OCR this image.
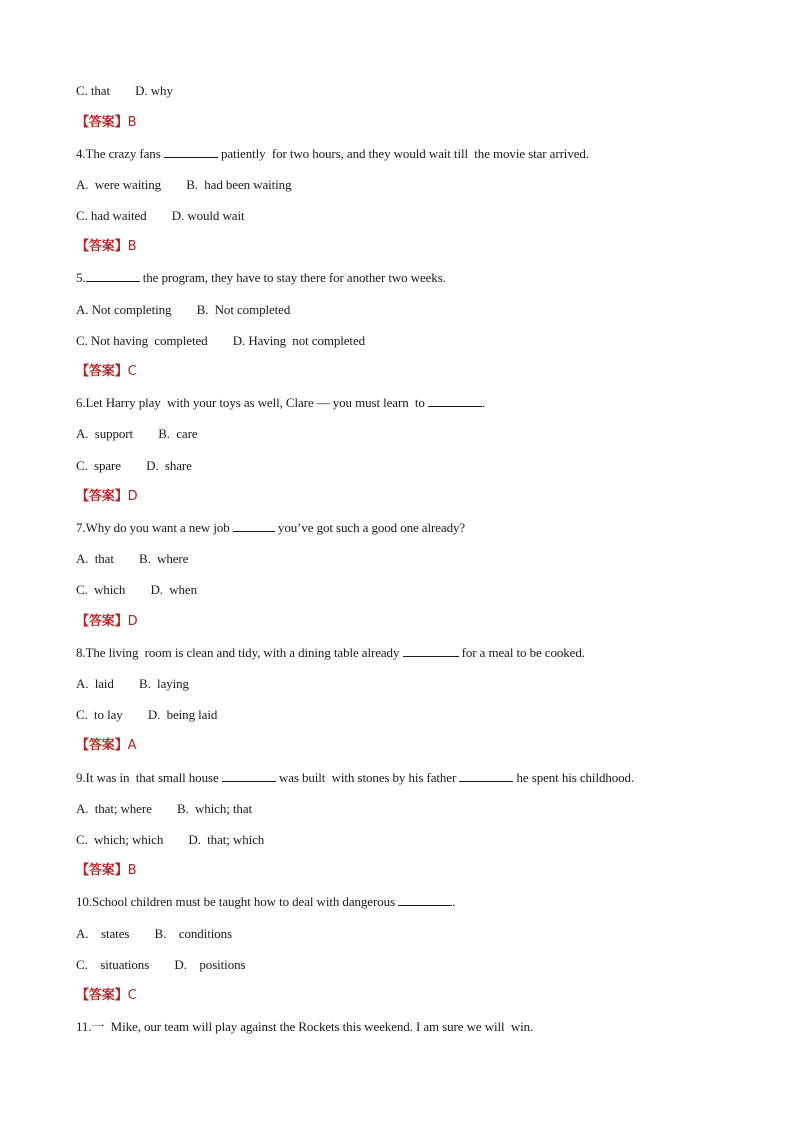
C. that        D. why
【答案】B
4.The crazy fans	patiently  for two hours, and they would wait till  the movie star arrived.
A.  were waiting        B.  had been waiting
C. had waited        D. would wait
【答案】B
5.	the program, they have to stay there for another two weeks.
A. Not completing        B.  Not completed
C. Not having  completed        D. Having  not completed
【答案】C
6.Let Harry play  with your toys as well, Clare — you must learn  to	.
A.  support        B.  care
C.  spare        D.  share
【答案】D
7.Why do you want a new job	you’ve got such a good one already?
A.  that        B.  where
C.  which        D.  when
【答案】D
8.The living  room is clean and tidy, with a dining table already	for a meal to be cooked.
A.  laid        B.  laying
C.  to lay        D.  being laid
【答案】A
9.It was in  that small house	was built  with stones by his father	he spent his childhood.
A.  that; where        B.  which; that
C.  which; which        D.  that; which
【答案】B
10.School children must be taught how to deal with dangerous	.
A.    states        B.    conditions
C.    situations        D.    positions
【答案】C
11.一  Mike, our team will play against the Rockets this weekend. I am sure we will  win.
